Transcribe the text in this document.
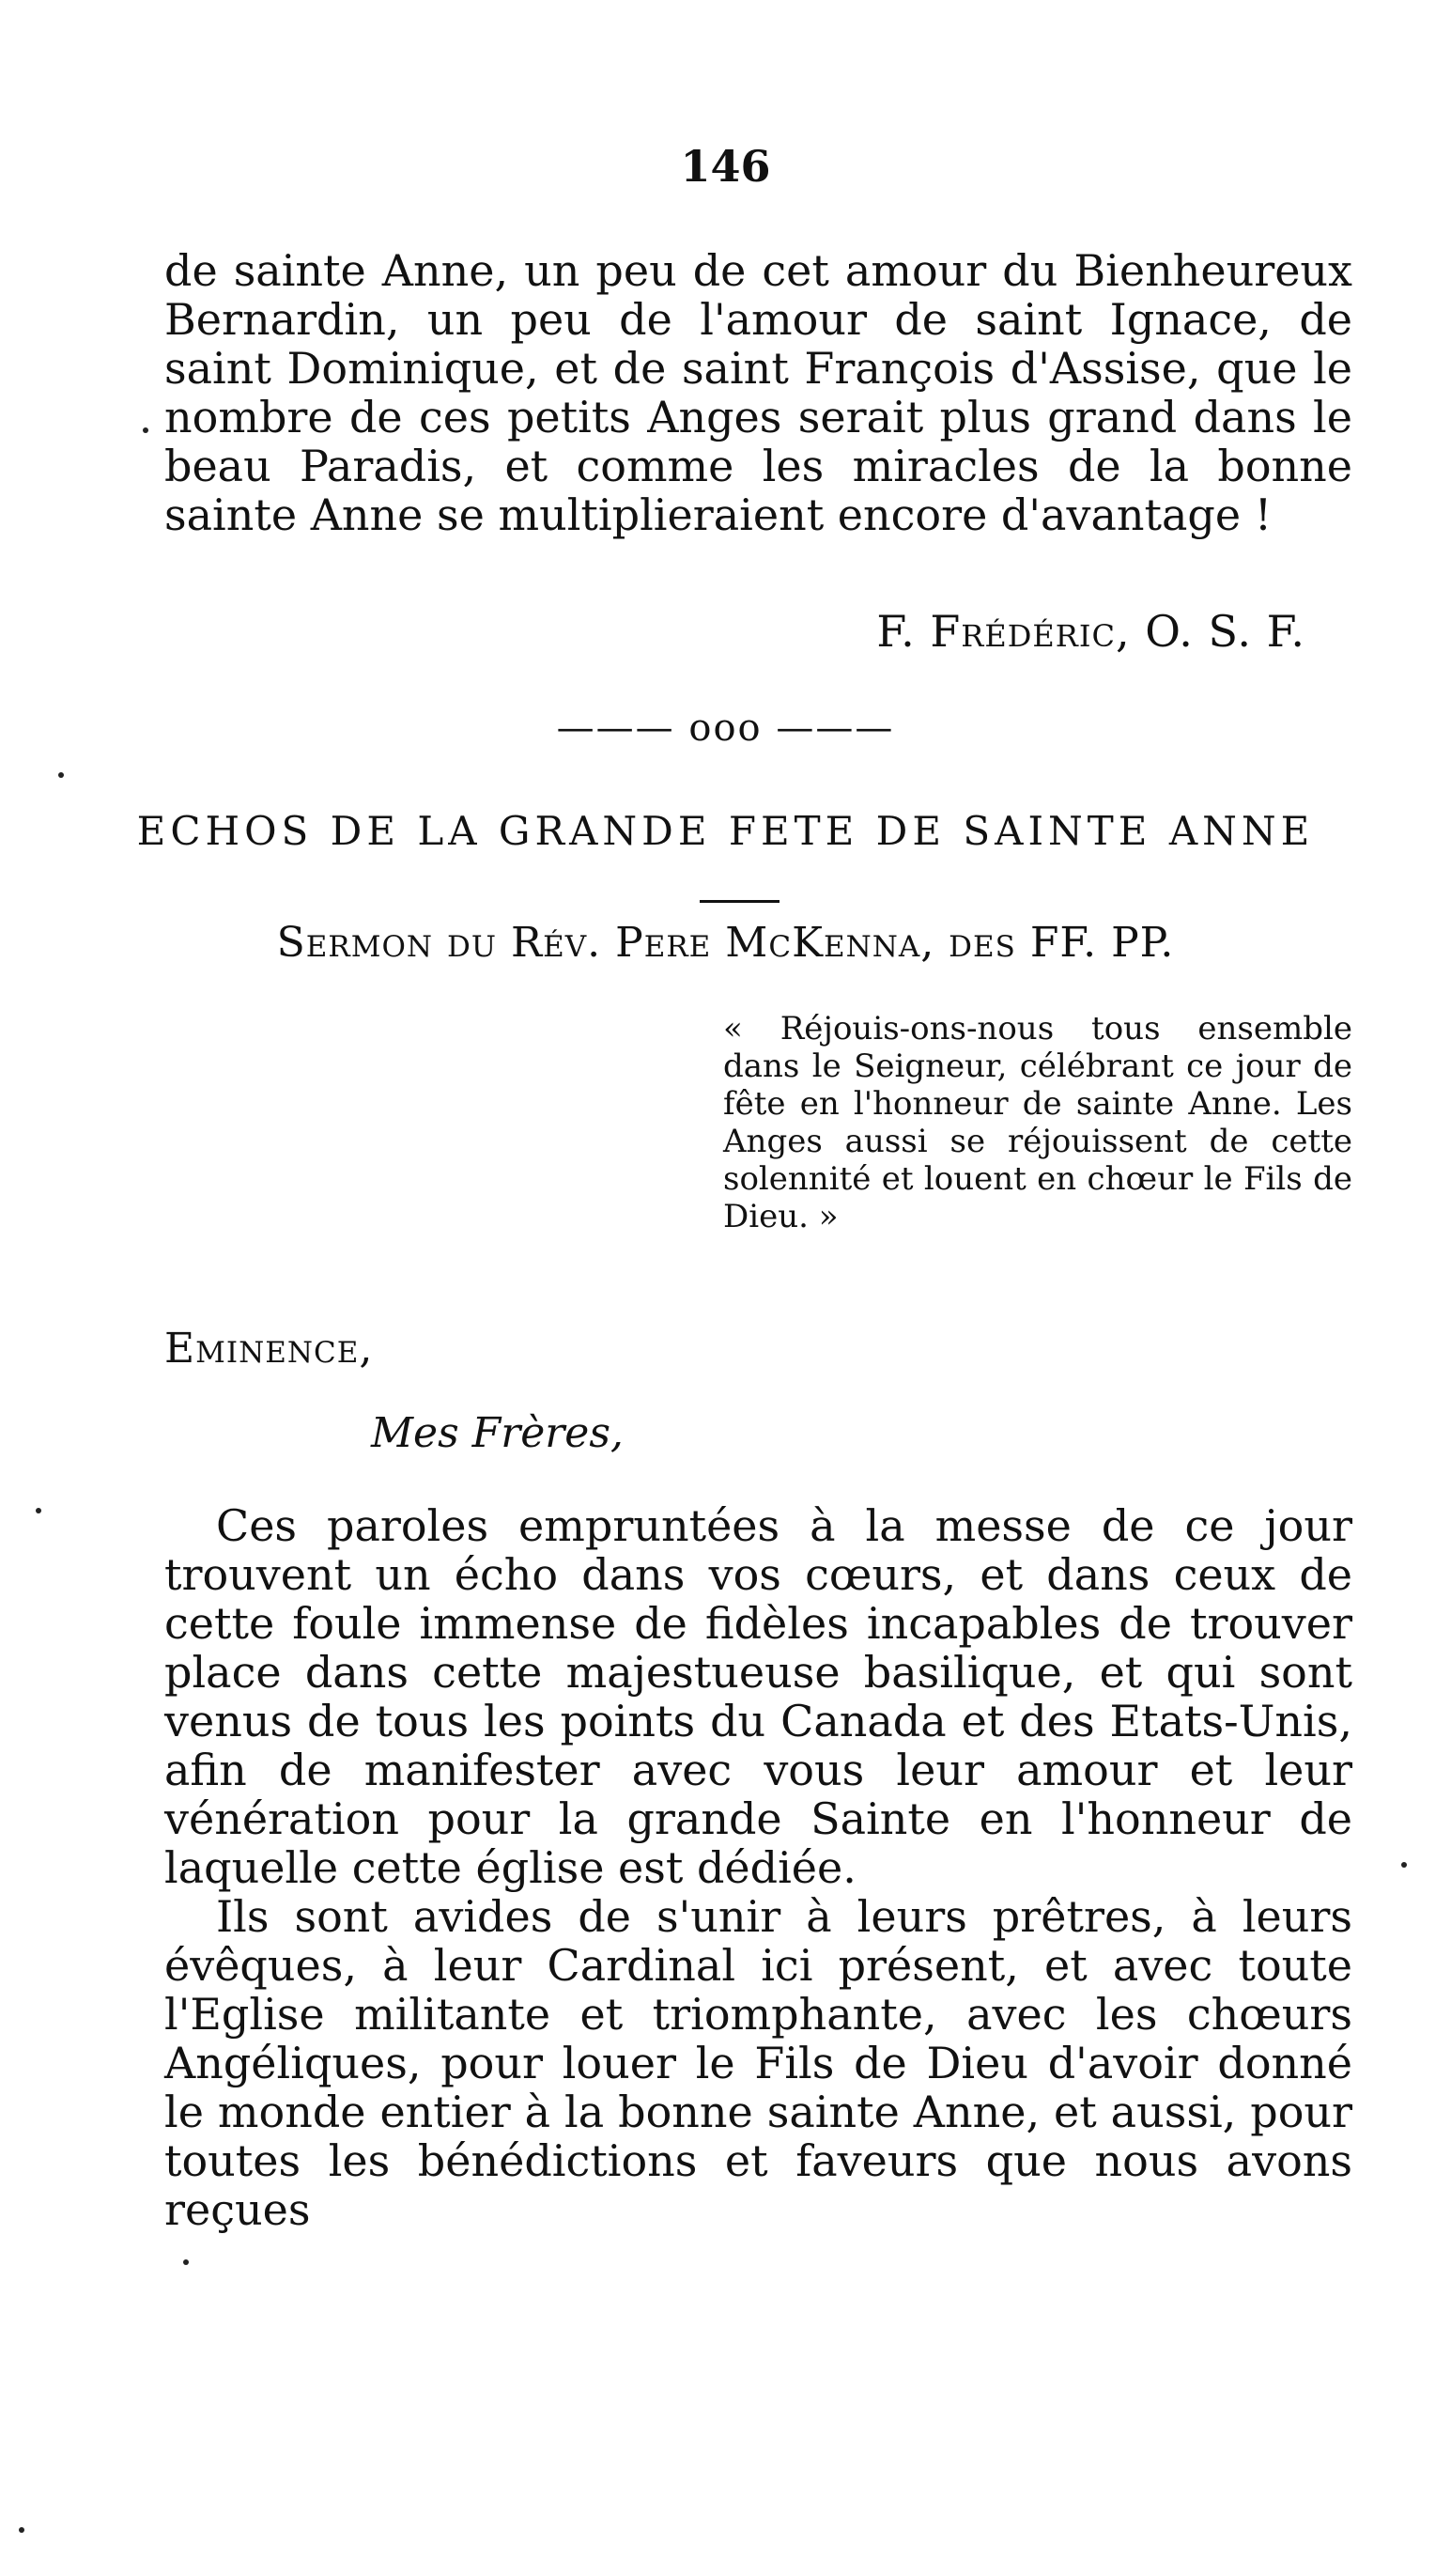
146

de sainte Anne, un peu de cet amour du Bienheureux Bernardin, un peu de l'amour de saint Ignace, de saint Dominique, et de saint François d'Assise, que le nombre de ces petits Anges serait plus grand dans le beau Paradis, et comme les miracles de la bonne sainte Anne se multiplieraient encore d'avantage !

F. Frédéric, O. S. F.
——— ooo ———
ECHOS DE LA GRANDE FETE DE SAINTE ANNE
Sermon du Rév. Pere McKenna, des FF. PP.
« Réjouis-ons-nous tous ensemble dans le Seigneur, célébrant ce jour de fête en l'honneur de sainte Anne. Les Anges aussi se réjouissent de cette solennité et louent en chœur le Fils de Dieu. »
Eminence,
Mes Frères,

Ces paroles empruntées à la messe de ce jour trouvent un écho dans vos cœurs, et dans ceux de cette foule immense de fidèles incapables de trouver place dans cette majestueuse basilique, et qui sont venus de tous les points du Canada et des Etats-Unis, afin de manifester avec vous leur amour et leur vénération pour la grande Sainte en l'honneur de laquelle cette église est dédiée.

Ils sont avides de s'unir à leurs prêtres, à leurs évêques, à leur Cardinal ici présent, et avec toute l'Eglise militante et triomphante, avec les chœurs Angéliques, pour louer le Fils de Dieu d'avoir donné le monde entier à la bonne sainte Anne, et aussi, pour toutes les bénédictions et faveurs que nous avons reçues
